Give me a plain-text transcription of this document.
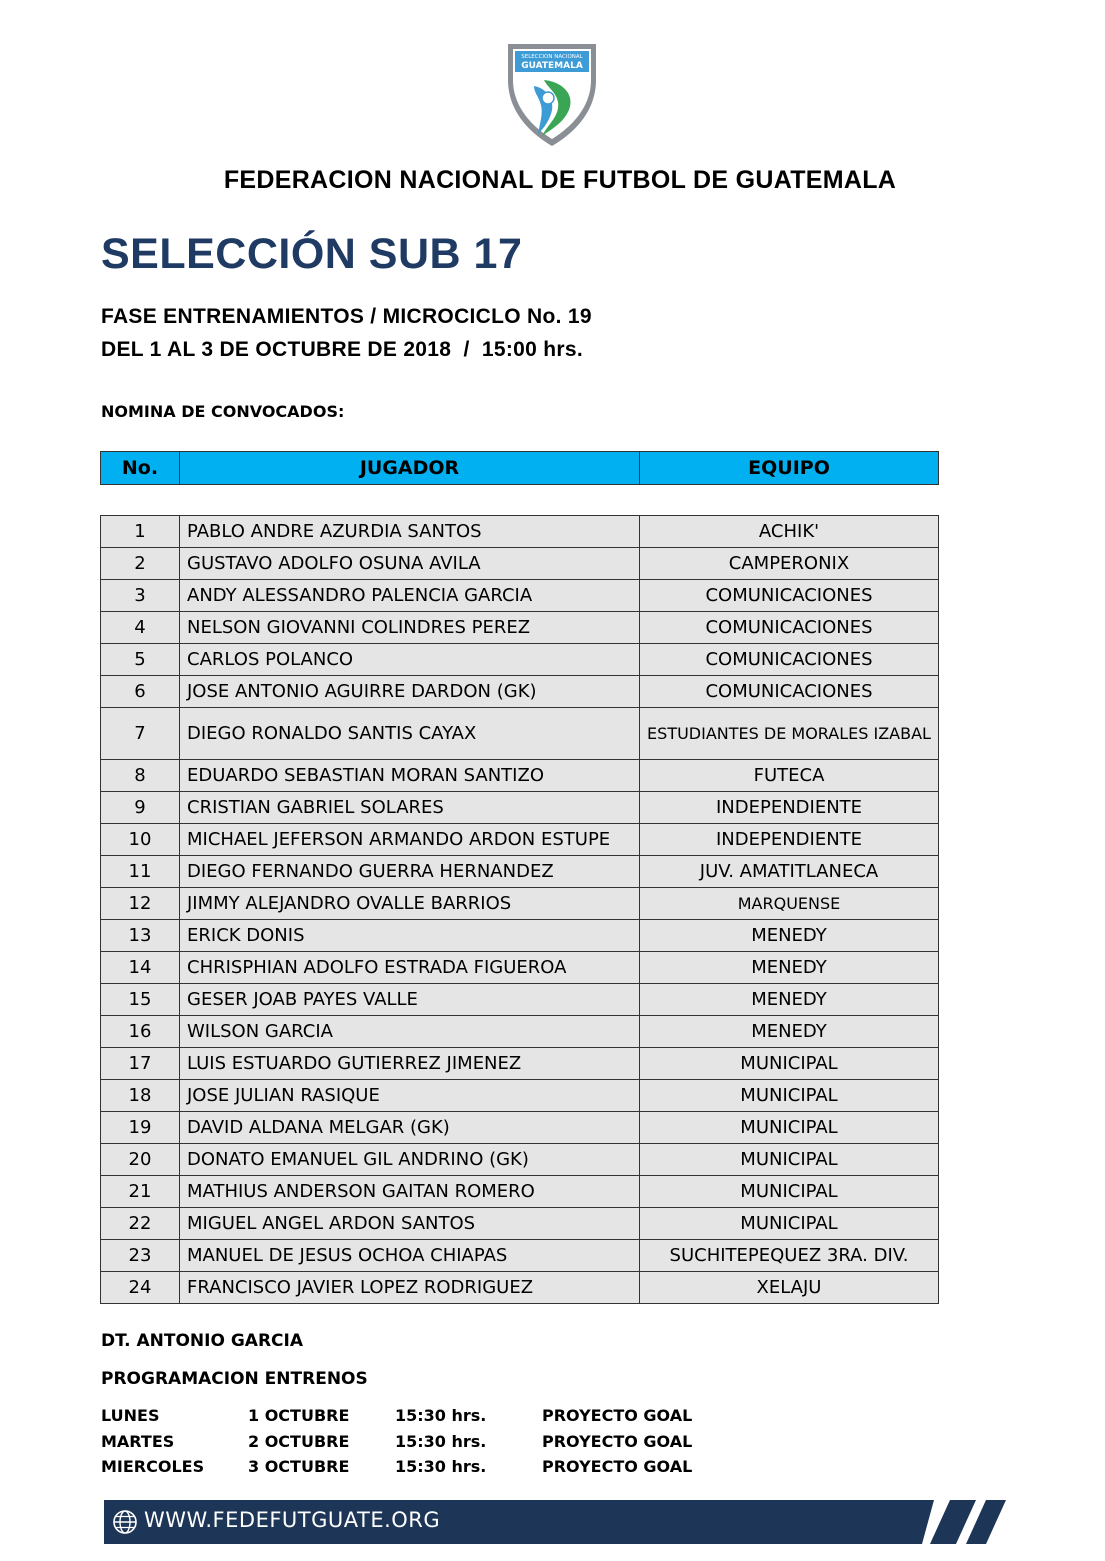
SELECCION NACIONAL
GUATEMALA
FEDERACION NACIONAL DE FUTBOL DE GUATEMALA
SELECCIÓN SUB 17
FASE ENTRENAMIENTOS / MICROCICLO No. 19
DEL 1 AL 3 DE OCTUBRE DE 2018  /  15:00 hrs.
NOMINA DE CONVOCADOS:
No.	JUGADOR	EQUIPO
1	PABLO ANDRE AZURDIA SANTOS	ACHIK'
2	GUSTAVO ADOLFO OSUNA AVILA	CAMPERONIX
3	ANDY ALESSANDRO PALENCIA GARCIA	COMUNICACIONES
4	NELSON GIOVANNI COLINDRES PEREZ	COMUNICACIONES
5	CARLOS POLANCO	COMUNICACIONES
6	JOSE ANTONIO AGUIRRE DARDON (GK)	COMUNICACIONES
7	DIEGO RONALDO SANTIS CAYAX	ESTUDIANTES DE MORALES IZABAL
8	EDUARDO SEBASTIAN MORAN SANTIZO	FUTECA
9	CRISTIAN GABRIEL SOLARES	INDEPENDIENTE
10	MICHAEL JEFERSON ARMANDO ARDON ESTUPE	INDEPENDIENTE
11	DIEGO FERNANDO GUERRA HERNANDEZ	JUV. AMATITLANECA
12	JIMMY ALEJANDRO OVALLE BARRIOS	MARQUENSE
13	ERICK DONIS	MENEDY
14	CHRISPHIAN ADOLFO ESTRADA FIGUEROA	MENEDY
15	GESER JOAB PAYES VALLE	MENEDY
16	WILSON GARCIA	MENEDY
17	LUIS ESTUARDO GUTIERREZ JIMENEZ	MUNICIPAL
18	JOSE JULIAN RASIQUE	MUNICIPAL
19	DAVID ALDANA MELGAR (GK)	MUNICIPAL
20	DONATO EMANUEL GIL ANDRINO (GK)	MUNICIPAL
21	MATHIUS ANDERSON GAITAN ROMERO	MUNICIPAL
22	MIGUEL ANGEL ARDON SANTOS	MUNICIPAL
23	MANUEL DE JESUS OCHOA CHIAPAS	SUCHITEPEQUEZ 3RA. DIV.
24	FRANCISCO JAVIER LOPEZ RODRIGUEZ	XELAJU
DT. ANTONIO GARCIA
PROGRAMACION ENTRENOS
LUNES	1 OCTUBRE	15:30 hrs.	PROYECTO GOAL
MARTES	2 OCTUBRE	15:30 hrs.	PROYECTO GOAL
MIERCOLES	3 OCTUBRE	15:30 hrs.	PROYECTO GOAL
WWW.FEDEFUTGUATE.ORG
